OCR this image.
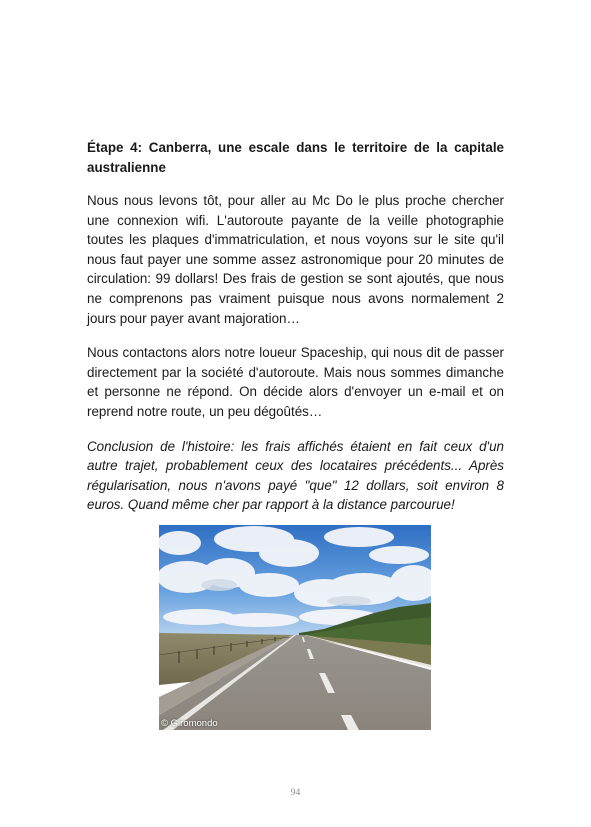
Étape 4: Canberra, une escale dans le territoire de la capitale australienne

Nous nous levons tôt, pour aller au Mc Do le plus proche chercher une connexion wifi. L'autoroute payante de la veille photographie toutes les plaques d'immatriculation, et nous voyons sur le site qu'il nous faut payer une somme assez astronomique pour 20 minutes de circulation: 99 dollars! Des frais de gestion se sont ajoutés, que nous ne comprenons pas vraiment puisque nous avons normalement 2 jours pour payer avant majoration…

Nous contactons alors notre loueur Spaceship, qui nous dit de passer directement par la société d'autoroute. Mais nous sommes dimanche et personne ne répond. On décide alors d'envoyer un e-mail et on reprend notre route, un peu dégoûtés…

Conclusion de l'histoire: les frais affichés étaient en fait ceux d'un autre trajet, probablement ceux des locataires précédents... Après régularisation, nous n'avons payé "que" 12 dollars, soit environ 8 euros. Quand même cher par rapport à la distance parcourue!

© Giromondo
94
